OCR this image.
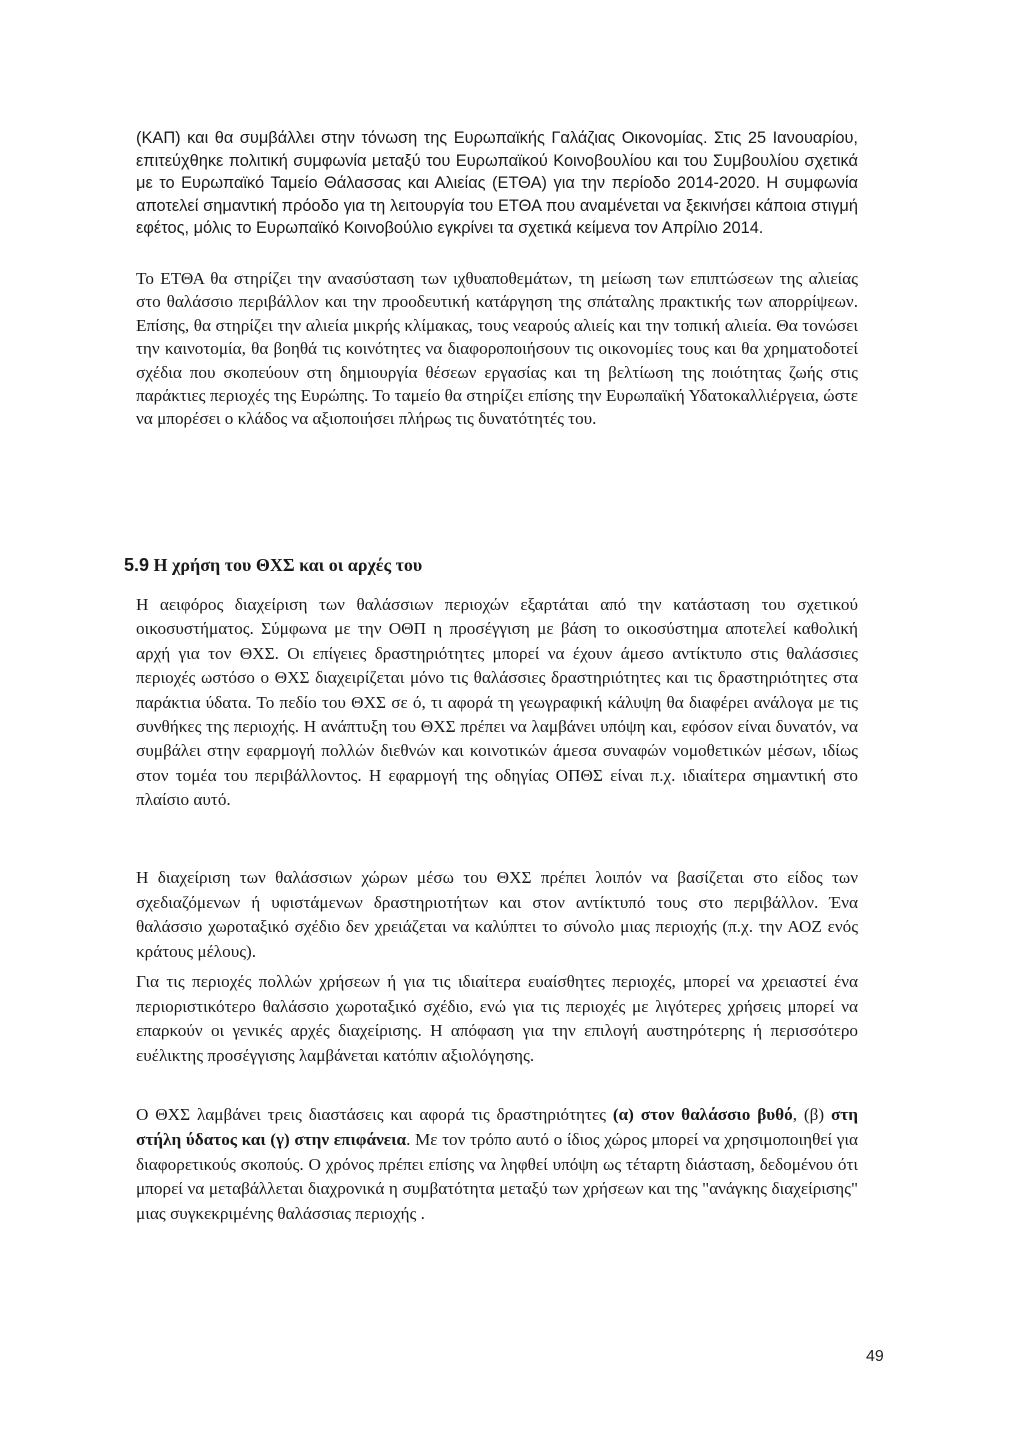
(ΚΑΠ) και θα συμβάλλει στην τόνωση της Ευρωπαϊκής Γαλάζιας Οικονομίας. Στις 25 Ιανουαρίου, επιτεύχθηκε πολιτική συμφωνία μεταξύ του Ευρωπαϊκού Κοινοβουλίου και του Συμβουλίου σχετικά με το Ευρωπαϊκό Ταμείο Θάλασσας και Αλιείας (ΕΤΘΑ) για την περίοδο 2014-2020. Η συμφωνία αποτελεί σημαντική πρόοδο για τη λειτουργία του ΕΤΘΑ που αναμένεται να ξεκινήσει κάποια στιγμή εφέτος, μόλις το Ευρωπαϊκό Κοινοβούλιο εγκρίνει τα σχετικά κείμενα τον Απρίλιο 2014.

Το ΕΤΘΑ θα στηρίζει την ανασύσταση των ιχθυαποθεμάτων, τη μείωση των επιπτώσεων της αλιείας στο θαλάσσιο περιβάλλον και την προοδευτική κατάργηση της σπάταλης πρακτικής των απορρίψεων. Επίσης, θα στηρίζει την αλιεία μικρής κλίμακας, τους νεαρούς αλιείς και την τοπική αλιεία. Θα τονώσει την καινοτομία, θα βοηθά τις κοινότητες να διαφοροποιήσουν τις οικονομίες τους και θα χρηματοδοτεί σχέδια που σκοπεύουν στη δημιουργία θέσεων εργασίας και τη βελτίωση της ποιότητας ζωής στις παράκτιες περιοχές της Ευρώπης. Το ταμείο θα στηρίζει επίσης την Ευρωπαϊκή Υδατοκαλλιέργεια, ώστε να μπορέσει ο κλάδος να αξιοποιήσει πλήρως τις δυνατότητές του.

5.9 Η χρήση του ΘΧΣ και οι αρχές του

Η αειφόρος διαχείριση των θαλάσσιων περιοχών εξαρτάται από την κατάσταση του σχετικού οικοσυστήματος. Σύμφωνα με την ΟΘΠ η προσέγγιση με βάση το οικοσύστημα αποτελεί καθολική αρχή για τον ΘΧΣ. Οι επίγειες δραστηριότητες μπορεί να έχουν άμεσο αντίκτυπο στις θαλάσσιες περιοχές ωστόσο ο ΘΧΣ διαχειρίζεται μόνο τις θαλάσσιες δραστηριότητες και τις δραστηριότητες στα παράκτια ύδατα. Το πεδίο του ΘΧΣ σε ό, τι αφορά τη γεωγραφική κάλυψη θα διαφέρει ανάλογα με τις συνθήκες της περιοχής. Η ανάπτυξη του ΘΧΣ πρέπει να λαμβάνει υπόψη και, εφόσον είναι δυνατόν, να συμβάλει στην εφαρμογή πολλών διεθνών και κοινοτικών άμεσα συναφών νομοθετικών μέσων, ιδίως στον τομέα του περιβάλλοντος. Η εφαρμογή της οδηγίας ΟΠΘΣ είναι π.χ. ιδιαίτερα σημαντική στο πλαίσιο αυτό.

Η διαχείριση των θαλάσσιων χώρων μέσω του ΘΧΣ πρέπει λοιπόν να βασίζεται στο είδος των σχεδιαζόμενων ή υφιστάμενων δραστηριοτήτων και στον αντίκτυπό τους στο περιβάλλον. Ένα θαλάσσιο χωροταξικό σχέδιο δεν χρειάζεται να καλύπτει το σύνολο μιας περιοχής (π.χ. την ΑΟΖ ενός κράτους μέλους).

Για τις περιοχές πολλών χρήσεων ή για τις ιδιαίτερα ευαίσθητες περιοχές, μπορεί να χρειαστεί ένα περιοριστικότερο θαλάσσιο χωροταξικό σχέδιο, ενώ για τις περιοχές με λιγότερες χρήσεις μπορεί να επαρκούν οι γενικές αρχές διαχείρισης. Η απόφαση για την επιλογή αυστηρότερης ή περισσότερο ευέλικτης προσέγγισης λαμβάνεται κατόπιν αξιολόγησης.

Ο ΘΧΣ λαμβάνει τρεις διαστάσεις και αφορά τις δραστηριότητες (α) στον θαλάσσιο βυθό, (β) στη στήλη ύδατος και (γ) στην επιφάνεια. Με τον τρόπο αυτό ο ίδιος χώρος μπορεί να χρησιμοποιηθεί για διαφορετικούς σκοπούς. Ο χρόνος πρέπει επίσης να ληφθεί υπόψη ως τέταρτη διάσταση, δεδομένου ότι μπορεί να μεταβάλλεται διαχρονικά η συμβατότητα μεταξύ των χρήσεων και της "ανάγκης διαχείρισης" μιας συγκεκριμένης θαλάσσιας περιοχής .

49
